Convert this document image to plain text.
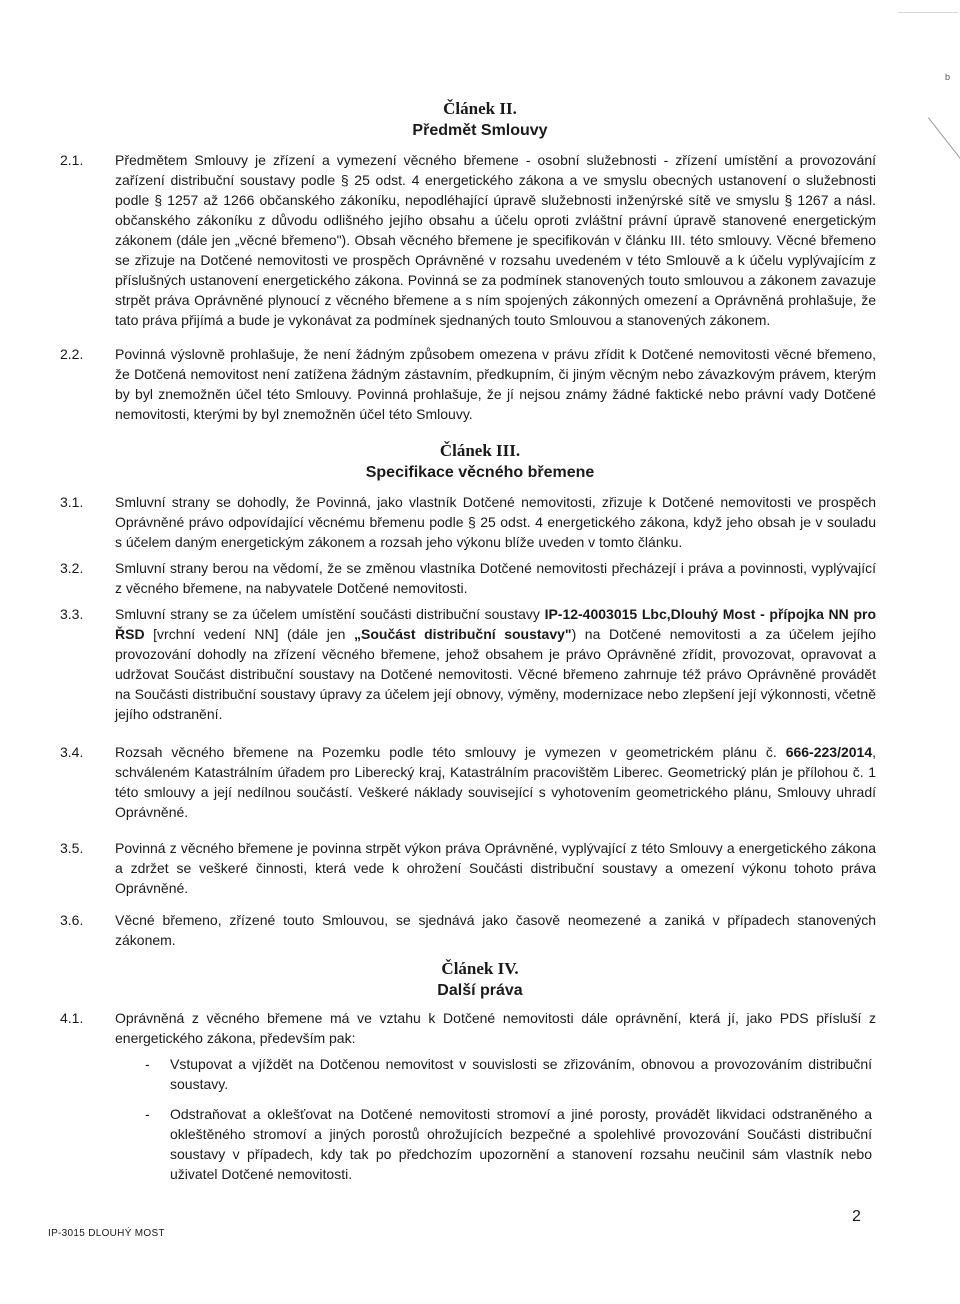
b
Článek II.
Předmět Smlouvy
2.1. Předmětem Smlouvy je zřízení a vymezení věcného břemene - osobní služebnosti - zřízení umístění a provozování zařízení distribuční soustavy podle § 25 odst. 4 energetického zákona a ve smyslu obecných ustanovení o služebnosti podle § 1257 až 1266 občanského zákoníku, nepodléhající úpravě služebnosti inženýrské sítě ve smyslu § 1267 a násl. občanského zákoníku z důvodu odlišného jejího obsahu a účelu oproti zvláštní právní úpravě stanovené energetickým zákonem (dále jen „věcné břemeno"). Obsah věcného břemene je specifikován v článku III. této smlouvy. Věcné břemeno se zřizuje na Dotčené nemovitosti ve prospěch Oprávněné v rozsahu uvedeném v této Smlouvě a k účelu vyplývajícím z příslušných ustanovení energetického zákona. Povinná se za podmínek stanovených touto smlouvou a zákonem zavazuje strpět práva Oprávněné plynoucí z věcného břemene a s ním spojených zákonných omezení a Oprávněná prohlašuje, že tato práva přijímá a bude je vykonávat za podmínek sjednaných touto Smlouvou a stanovených zákonem.
2.2. Povinná výslovně prohlašuje, že není žádným způsobem omezena v právu zřídit k Dotčené nemovitosti věcné břemeno, že Dotčená nemovitost není zatížena žádným zástavním, předkupním, či jiným věcným nebo závazkovým právem, kterým by byl znemožněn účel této Smlouvy. Povinná prohlašuje, že jí nejsou známy žádné faktické nebo právní vady Dotčené nemovitosti, kterými by byl znemožněn účel této Smlouvy.
Článek III.
Specifikace věcného břemene
3.1. Smluvní strany se dohodly, že Povinná, jako vlastník Dotčené nemovitosti, zřizuje k Dotčené nemovitosti ve prospěch Oprávněné právo odpovídající věcnému břemenu podle § 25 odst. 4 energetického zákona, když jeho obsah je v souladu s účelem daným energetickým zákonem a rozsah jeho výkonu blíže uveden v tomto článku.
3.2. Smluvní strany berou na vědomí, že se změnou vlastníka Dotčené nemovitosti přecházejí i práva a povinnosti, vyplývající z věcného břemene, na nabyvatele Dotčené nemovitosti.
3.3. Smluvní strany se za účelem umístění součásti distribuční soustavy IP-12-4003015 Lbc,Dlouhý Most - přípojka NN pro ŘSD [vrchní vedení NN] (dále jen „Součást distribuční soustavy") na Dotčené nemovitosti a za účelem jejího provozování dohodly na zřízení věcného břemene, jehož obsahem je právo Oprávněné zřídit, provozovat, opravovat a udržovat Součást distribuční soustavy na Dotčené nemovitosti. Věcné břemeno zahrnuje též právo Oprávněné provádět na Součásti distribuční soustavy úpravy za účelem její obnovy, výměny, modernizace nebo zlepšení její výkonnosti, včetně jejího odstranění.
3.4. Rozsah věcného břemene na Pozemku podle této smlouvy je vymezen v geometrickém plánu č. 666-223/2014, schváleném Katastrálním úřadem pro Liberecký kraj, Katastrálním pracovištěm Liberec. Geometrický plán je přílohou č. 1 této smlouvy a její nedílnou součástí. Veškeré náklady související s vyhotovením geometrického plánu, Smlouvy uhradí Oprávněné.
3.5. Povinná z věcného břemene je povinna strpět výkon práva Oprávněné, vyplývající z této Smlouvy a energetického zákona a zdržet se veškeré činnosti, která vede k ohrožení Součásti distribuční soustavy a omezení výkonu tohoto práva Oprávněné.
3.6. Věcné břemeno, zřízené touto Smlouvou, se sjednává jako časově neomezené a zaniká v případech stanovených zákonem.
Článek IV.
Další práva
4.1. Oprávněná z věcného břemene má ve vztahu k Dotčené nemovitosti dále oprávnění, která jí, jako PDS přísluší z energetického zákona, především pak:
- Vstupovat a vjíždět na Dotčenou nemovitost v souvislosti se zřizováním, obnovou a provozováním distribuční soustavy.
- Odstraňovat a oklešťovat na Dotčené nemovitosti stromoví a jiné porosty, provádět likvidaci odstraněného a okleštěného stromoví a jiných porostů ohrožujících bezpečné a spolehlivé provozování Součásti distribuční soustavy v případech, kdy tak po předchozím upozornění a stanovení rozsahu neučinil sám vlastník nebo uživatel Dotčené nemovitosti.
IP-3015 DLOUHÝ MOST
2
